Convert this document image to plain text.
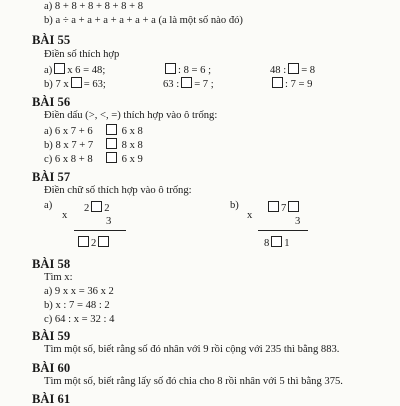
a) 8 + 8 + 8 + 8 + 8 + 8
b) a ÷ a + a + a + a + a + a (a là một số nào đó)
BÀI 55
Điền số thích hợp
a) x 6 = 48;	: 8 = 6 ;	48 : = 8
b) 7 x = 63;	63 : = 7 ;	: 7 = 9
BÀI 56
Điền dấu (>, <, =) thích hợp vào ô trống:
a) 6 x 7 + 6	6 x 8
b) 8 x 7 + 7	8 x 8
c) 6 x 8 + 8	6 x 9
BÀI 57
Điền chữ số thích hợp vào ô trống:
a)
x
2 2
3
2
b)
x
7
3
8 1
BÀI 58
Tìm x:
a) 9 x x = 36 x 2
b) x : 7 = 48 : 2
c) 64 : x = 32 : 4
BÀI 59
Tìm một số, biết rằng số đó nhân với 9 rồi cộng với 235 thì bằng 883.
BÀI 60
Tìm một số, biết rằng lấy số đó chia cho 8 rồi nhân với 5 thì bằng 375.
BÀI 61
